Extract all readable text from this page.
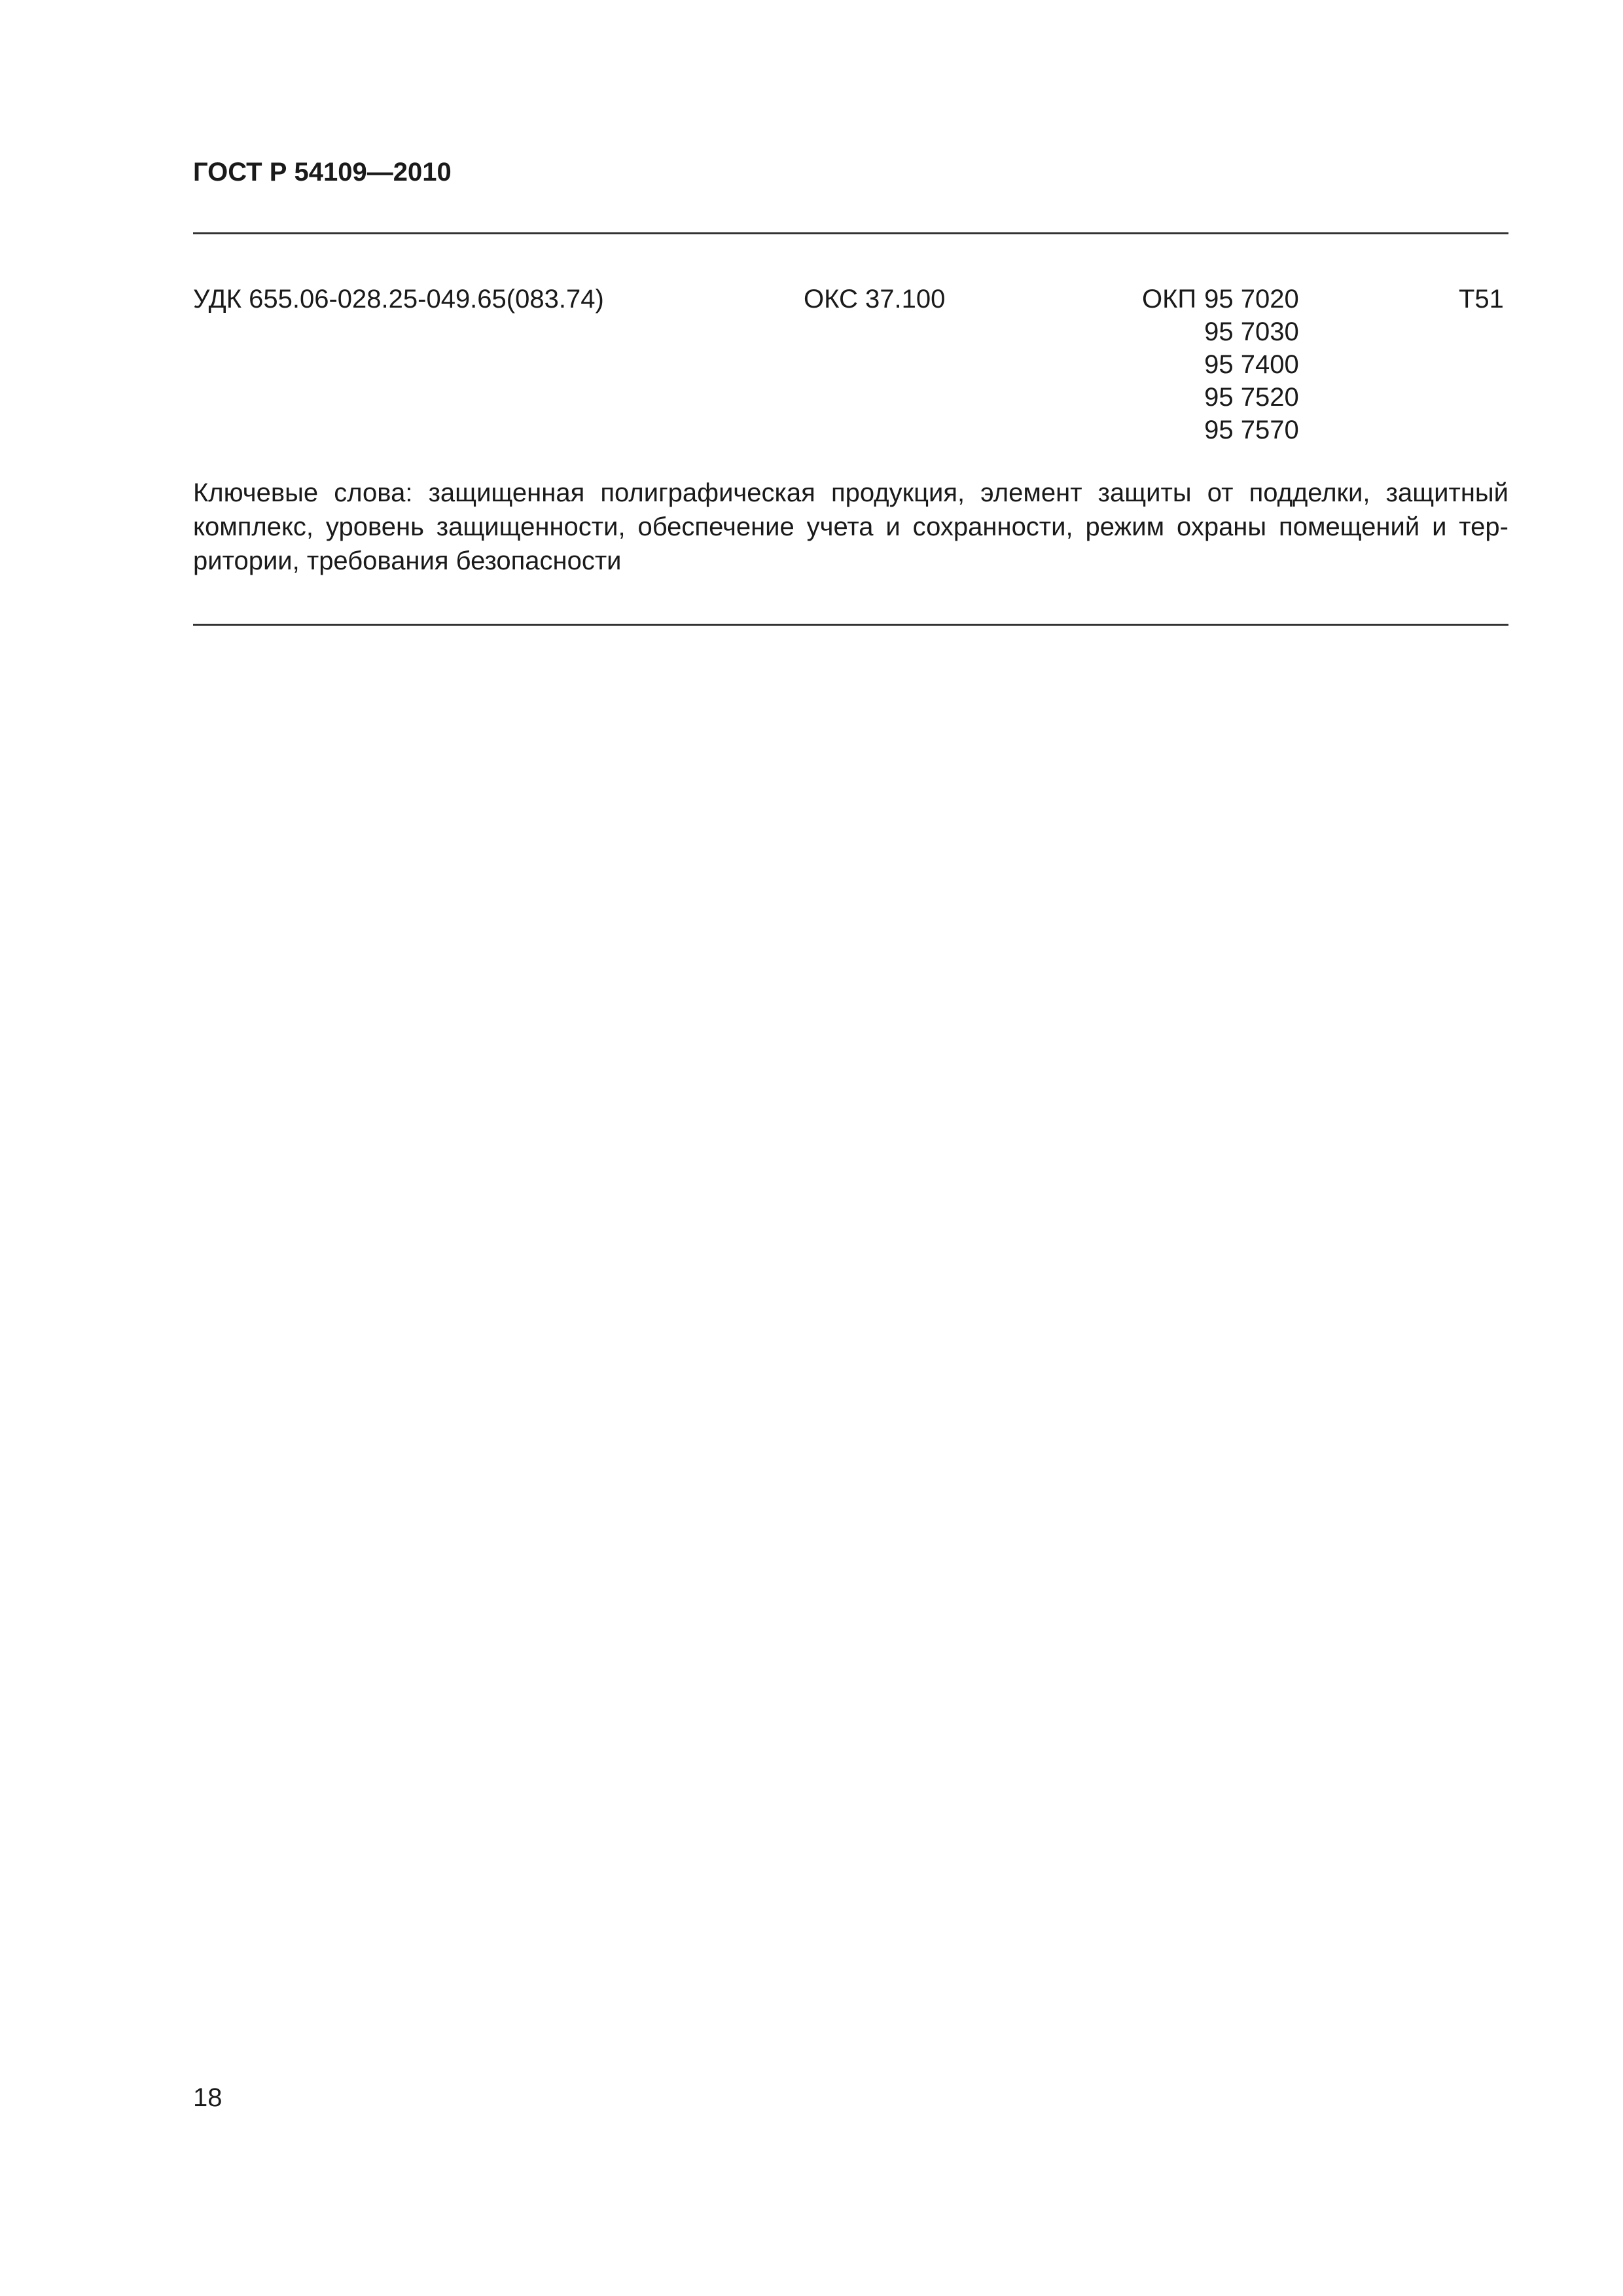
ГОСТ Р 54109—2010
УДК 655.06-028.25-049.65(083.74)	ОКС 37.100	ОКП 95 7020
95 7030
95 7400
95 7520
95 7570
Т51
Ключевые слова: защищенная полиграфическая продукция, элемент защиты от подделки, защитный комплекс, уровень защищенности, обеспечение учета и сохранности, режим охраны помещений и территории, требования безопасности
18
